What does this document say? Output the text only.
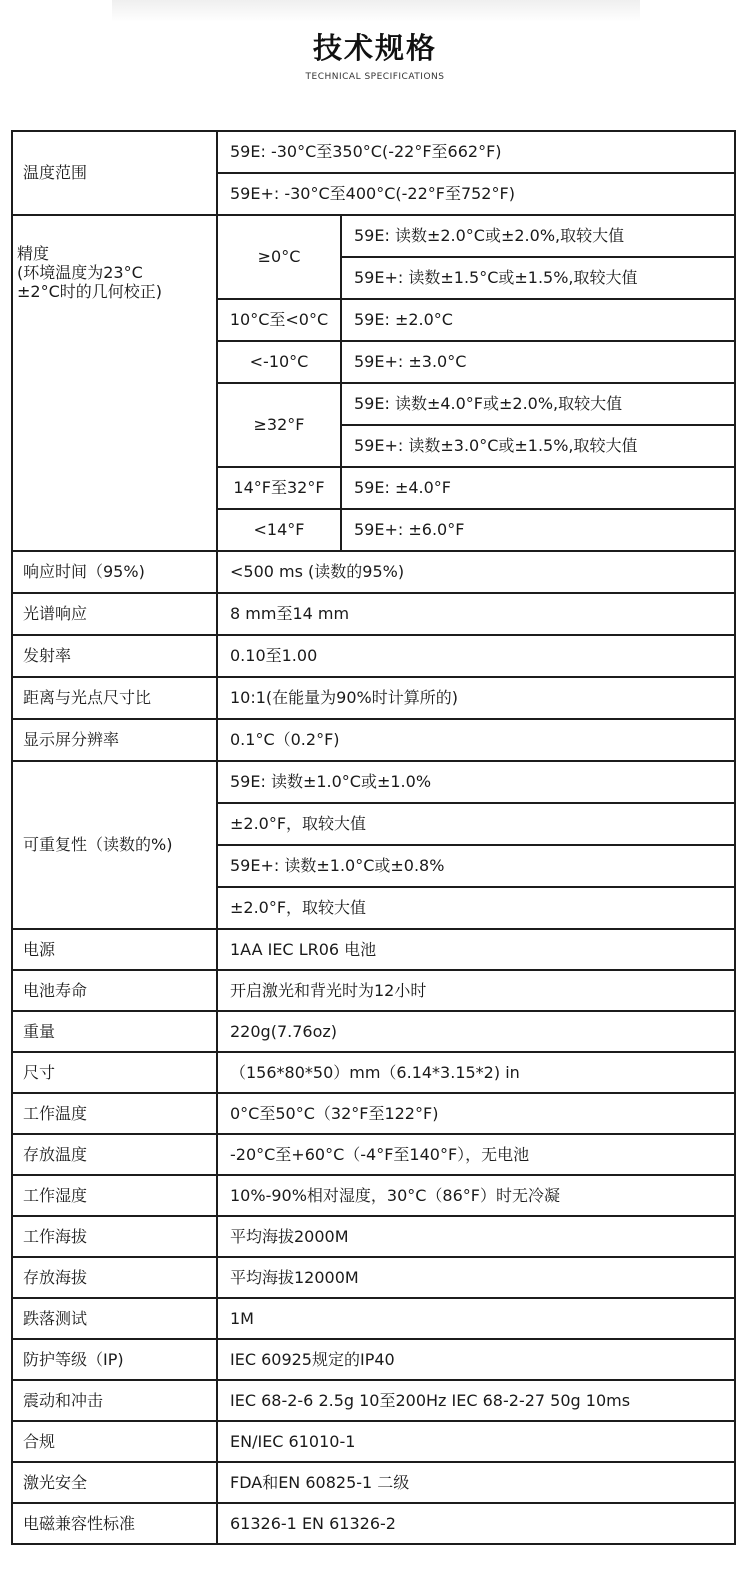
技术规格
TECHNICAL SPECIFICATIONS
温度范围	59E: -30°C至350°C(-22°F至662°F)	
	59E+: -30°C至400°C(-22°F至752°F)	

精度
(环境温度为23°C
±2°C时的几何校正)	≥0°C	59E: 读数±2.0°C或±2.0%,取较大值
		59E+: 读数±1.5°C或±1.5%,取较大值
	10°C至<0°C	59E: ±2.0°C
	<-10°C	59E+: ±3.0°C
	≥32°F	59E: 读数±4.0°F或±2.0%,取较大值
		59E+: 读数±3.0°C或±1.5%,取较大值
	14°F至32°F	59E: ±4.0°F
	<14°F	59E+: ±6.0°F
响应时间（95%)	<500 ms (读数的95%)	
光谱响应	8 mm至14 mm	
发射率	0.10至1.00	
距离与光点尺寸比	10:1(在能量为90%时计算所的)	
显示屏分辨率	0.1°C（0.2°F)	
可重复性（读数的%)	59E: 读数±1.0°C或±1.0%	
	±2.0°F，取较大值	
	59E+: 读数±1.0°C或±0.8%	
	±2.0°F，取较大值	
电源	1AA IEC LR06 电池	
电池寿命	开启激光和背光时为12小时	
重量	220g(7.76oz)	
尺寸	（156*80*50）mm（6.14*3.15*2) in	
工作温度	0°C至50°C（32°F至122°F)	
存放温度	-20°C至+60°C（-4°F至140°F），无电池	
工作湿度	10%-90%相对湿度，30°C（86°F）时无冷凝	
工作海拔	平均海拔2000M	
存放海拔	平均海拔12000M	
跌落测试	1M	
防护等级（IP)	IEC 60925规定的IP40	
震动和冲击	IEC 68-2-6 2.5g 10至200Hz IEC 68-2-27 50g 10ms	
合规	EN/IEC 61010-1	
激光安全	FDA和EN 60825-1 二级	
电磁兼容性标准	61326-1 EN 61326-2	
